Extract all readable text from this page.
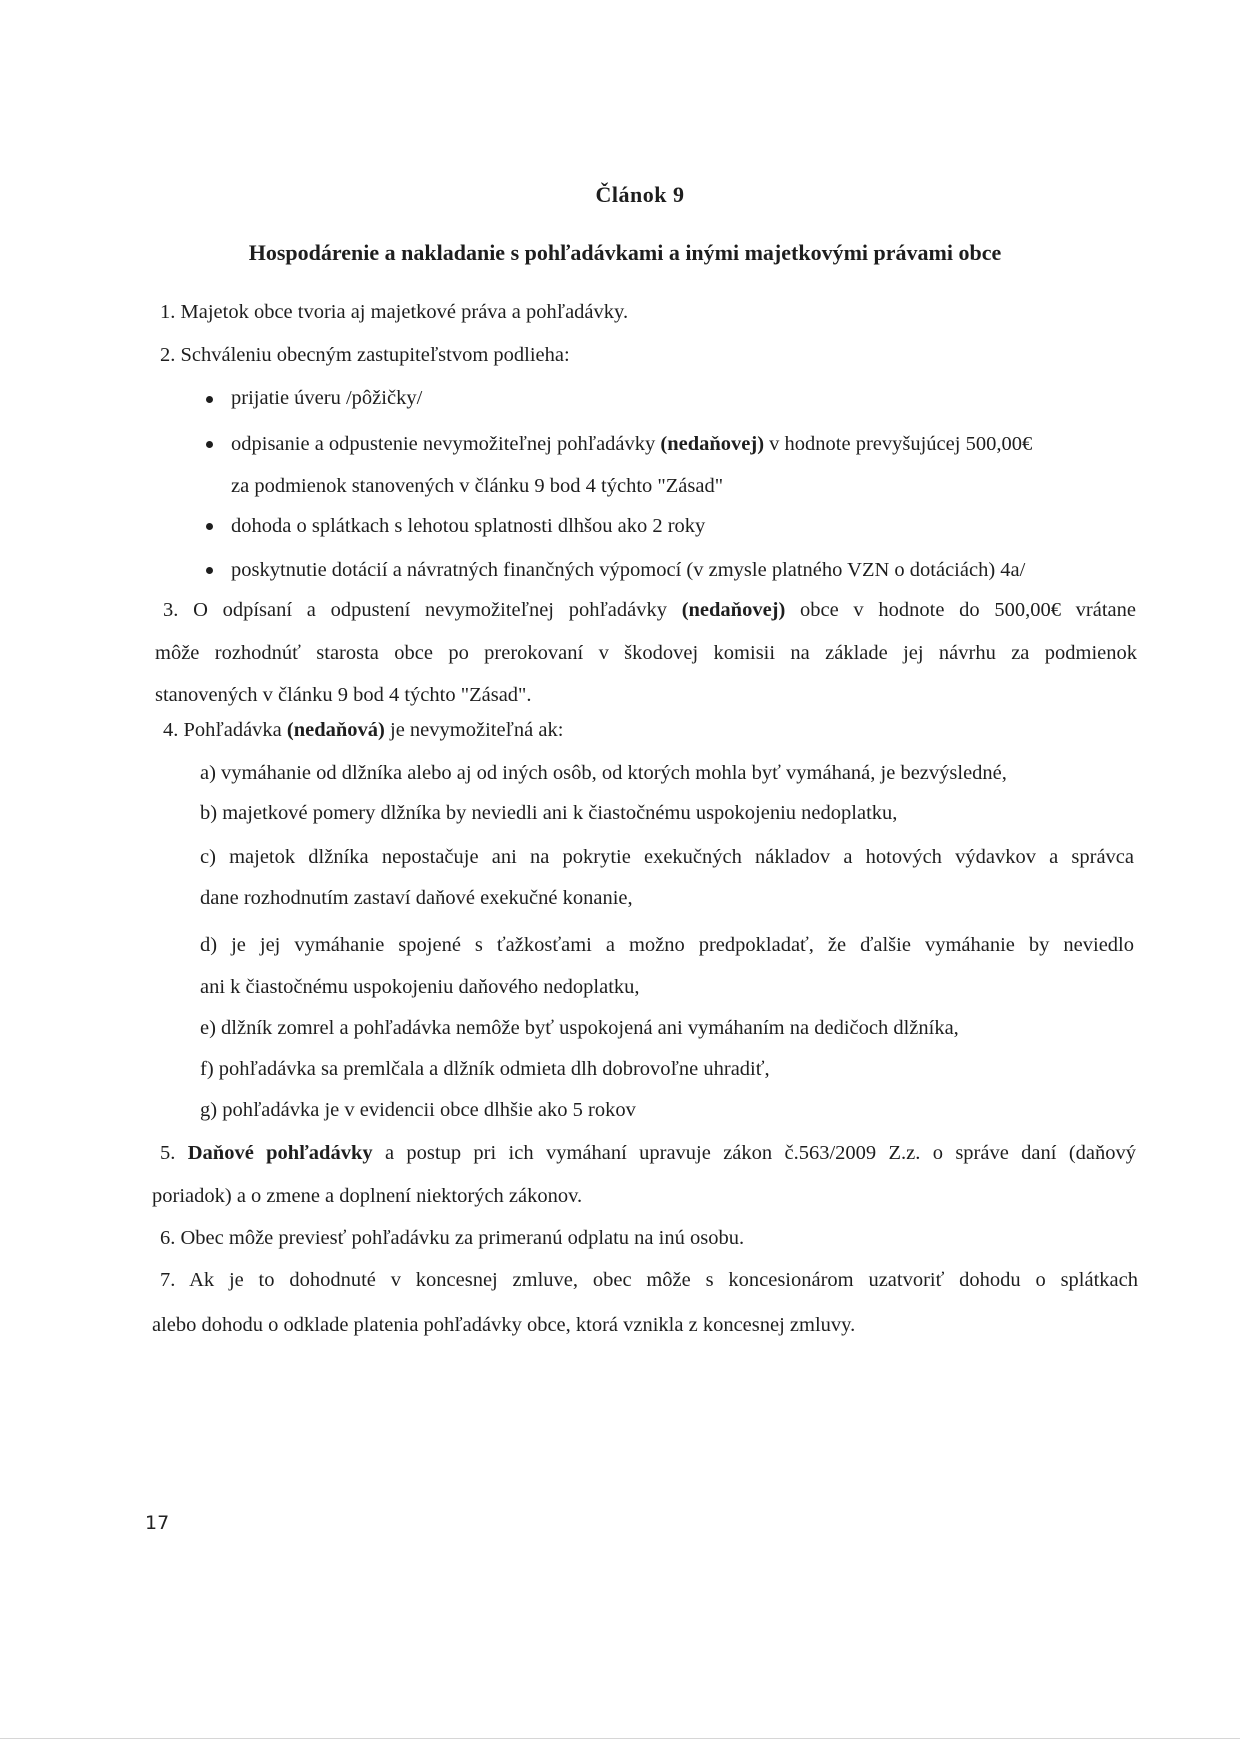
Článok 9
Hospodárenie a nakladanie s pohľadávkami a inými majetkovými právami obce
1. Majetok obce tvoria aj majetkové práva a pohľadávky.
2. Schváleniu obecným zastupiteľstvom podlieha:
prijatie úveru /pôžičky/
odpisanie a odpustenie nevymožiteľnej pohľadávky (nedaňovej) v hodnote prevyšujúcej 500,00€
za podmienok stanovených v článku 9 bod 4 týchto "Zásad"
dohoda o splátkach s lehotou splatnosti dlhšou ako 2 roky
poskytnutie dotácií a návratných finančných výpomocí (v zmysle platného VZN o dotáciách) 4a/
3. O odpísaní a odpustení nevymožiteľnej pohľadávky (nedaňovej) obce v hodnote do 500,00€ vrátane
môže rozhodnúť starosta obce po prerokovaní v škodovej komisii na základe jej návrhu za podmienok
stanovených v článku 9 bod 4 týchto "Zásad".
4. Pohľadávka (nedaňová) je nevymožiteľná ak:
a) vymáhanie od dlžníka alebo aj od iných osôb, od ktorých mohla byť vymáhaná, je bezvýsledné,
b) majetkové pomery dlžníka by neviedli ani k čiastočnému uspokojeniu nedoplatku,
c) majetok dlžníka nepostačuje ani na pokrytie exekučných nákladov a hotových výdavkov a správca
dane rozhodnutím zastaví daňové exekučné konanie,
d) je jej vymáhanie spojené s ťažkosťami a možno predpokladať, že ďalšie vymáhanie by neviedlo
ani k čiastočnému uspokojeniu daňového nedoplatku,
e) dlžník zomrel a pohľadávka nemôže byť uspokojená ani vymáhaním na dedičoch dlžníka,
f) pohľadávka sa premlčala a dlžník odmieta dlh dobrovoľne uhradiť,
g) pohľadávka je v evidencii obce dlhšie ako 5 rokov
5. Daňové pohľadávky a postup pri ich vymáhaní upravuje zákon č.563/2009 Z.z. o správe daní (daňový
poriadok) a o zmene a doplnení niektorých zákonov.
6. Obec môže previesť pohľadávku za primeranú odplatu na inú osobu.
7. Ak je to dohodnuté v koncesnej zmluve, obec môže s koncesionárom uzatvoriť dohodu o splátkach
alebo dohodu o odklade platenia pohľadávky obce, ktorá vznikla z koncesnej zmluvy.
17
